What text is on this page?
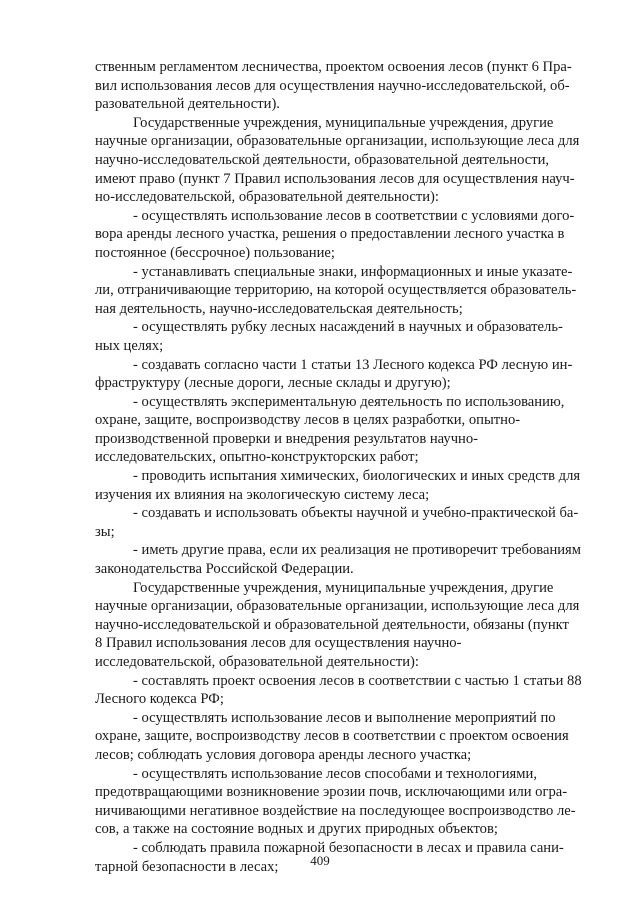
ственным регламентом лесничества, проектом освоения лесов (пункт 6 Пра-
вил использования лесов для осуществления научно-исследовательской, об-
разовательной деятельности).
Государственные учреждения, муниципальные учреждения, другие
научные организации, образовательные организации, использующие леса для
научно-исследовательской деятельности, образовательной деятельности,
имеют право (пункт 7 Правил использования лесов для осуществления науч-
но-исследовательской, образовательной деятельности):
- осуществлять использование лесов в соответствии с условиями дого-
вора аренды лесного участка, решения о предоставлении лесного участка в
постоянное (бессрочное) пользование;
- устанавливать специальные знаки, информационных и иные указате-
ли, отграничивающие территорию, на которой осуществляется образователь-
ная деятельность, научно-исследовательская деятельность;
- осуществлять рубку лесных насаждений в научных и образователь-
ных целях;
- создавать согласно части 1 статьи 13 Лесного кодекса РФ лесную ин-
фраструктуру (лесные дороги, лесные склады и другую);
- осуществлять экспериментальную деятельность по использованию,
охране, защите, воспроизводству лесов в целях разработки, опытно-
производственной проверки и внедрения результатов научно-
исследовательских, опытно-конструкторских работ;
- проводить испытания химических, биологических и иных средств для
изучения их влияния на экологическую систему леса;
- создавать и использовать объекты научной и учебно-практической ба-
зы;
- иметь другие права, если их реализация не противоречит требованиям
законодательства Российской Федерации.
Государственные учреждения, муниципальные учреждения, другие
научные организации, образовательные организации, использующие леса для
научно-исследовательской и образовательной деятельности, обязаны (пункт
8 Правил использования лесов для осуществления научно-
исследовательской, образовательной деятельности):
- составлять проект освоения лесов в соответствии с частью 1 статьи 88
Лесного кодекса РФ;
- осуществлять использование лесов и выполнение мероприятий по
охране, защите, воспроизводству лесов в соответствии с проектом освоения
лесов; соблюдать условия договора аренды лесного участка;
- осуществлять использование лесов способами и технологиями,
предотвращающими возникновение эрозии почв, исключающими или огра-
ничивающими негативное воздействие на последующее воспроизводство ле-
сов, а также на состояние водных и других природных объектов;
- соблюдать правила пожарной безопасности в лесах и правила сани-
тарной безопасности в лесах;	409
